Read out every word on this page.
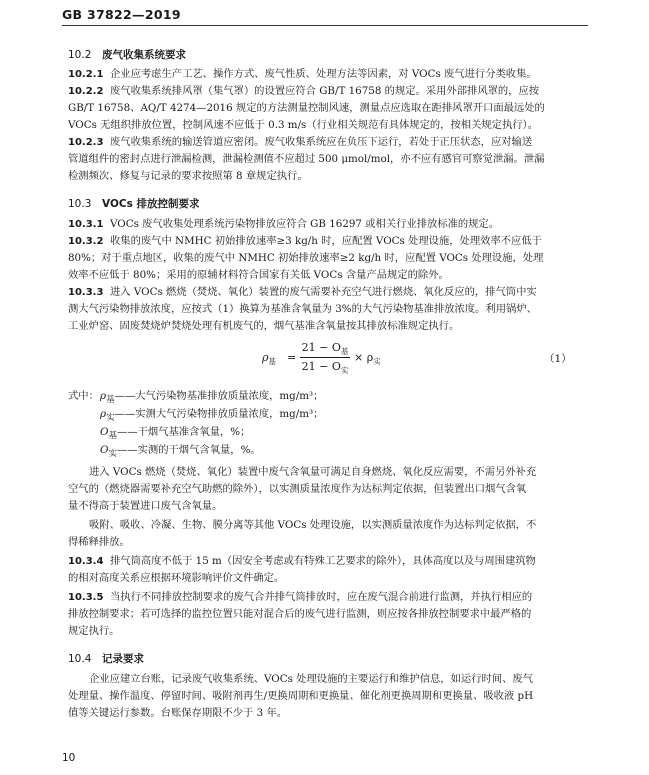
GB 37822—2019
10.2 废气收集系统要求
10.2.1 企业应考虑生产工艺、操作方式、废气性质、处理方法等因素，对 VOCs 废气进行分类收集。
10.2.2 废气收集系统排风罩（集气罩）的设置应符合 GB/T 16758 的规定。采用外部排风罩的，应按
GB/T 16758、AQ/T 4274—2016 规定的方法测量控制风速，测量点应选取在距排风罩开口面最远处的
VOCs 无组织排放位置，控制风速不应低于 0.3 m/s（行业相关规范有具体规定的，按相关规定执行）。
10.2.3 废气收集系统的输送管道应密闭。废气收集系统应在负压下运行，若处于正压状态，应对输送
管道组件的密封点进行泄漏检测，泄漏检测值不应超过 500 μmol/mol，亦不应有感官可察觉泄漏。泄漏
检测频次、修复与记录的要求按照第 8 章规定执行。
10.3 VOCs 排放控制要求
10.3.1 VOCs 废气收集处理系统污染物排放应符合 GB 16297 或相关行业排放标准的规定。
10.3.2 收集的废气中 NMHC 初始排放速率≥3 kg/h 时，应配置 VOCs 处理设施，处理效率不应低于
80%；对于重点地区，收集的废气中 NMHC 初始排放速率≥2 kg/h 时，应配置 VOCs 处理设施，处理
效率不应低于 80%；采用的原辅材料符合国家有关低 VOCs 含量产品规定的除外。
10.3.3 进入 VOCs 燃烧（焚烧、氧化）装置的废气需要补充空气进行燃烧、氧化反应的，排气筒中实
测大气污染物排放浓度，应按式（1）换算为基准含氧量为 3%的大气污染物基准排放浓度。利用锅炉、
工业炉窑、固废焚烧炉焚烧处理有机废气的，烟气基准含氧量按其排放标准规定执行。
$\rho_基$ =
$21 - O_基$
$21 - O_实$
× $\rho_实$	（1）
式中： $\rho_基——$大气污染物基准排放质量浓度，mg/m³；
$\rho_实——$实测大气污染物排放质量浓度，mg/m³；
$O_基——$干烟气基准含氧量，%；
$O_实——$实测的干烟气含氧量，%。
进入 VOCs 燃烧（焚烧、氧化）装置中废气含氧量可满足自身燃烧、氧化反应需要，不需另外补充
空气的（燃烧器需要补充空气助燃的除外），以实测质量浓度作为达标判定依据，但装置出口烟气含氧
量不得高于装置进口废气含氧量。
吸附、吸收、冷凝、生物、膜分离等其他 VOCs 处理设施，以实测质量浓度作为达标判定依据，不
得稀释排放。
10.3.4 排气筒高度不低于 15 m（因安全考虑或有特殊工艺要求的除外），具体高度以及与周围建筑物
的相对高度关系应根据环境影响评价文件确定。
10.3.5 当执行不同排放控制要求的废气合并排气筒排放时，应在废气混合前进行监测，并执行相应的
排放控制要求；若可选择的监控位置只能对混合后的废气进行监测，则应按各排放控制要求中最严格的
规定执行。
10.4 记录要求
企业应建立台账，记录废气收集系统、VOCs 处理设施的主要运行和维护信息，如运行时间、废气
处理量、操作温度、停留时间、吸附剂再生/更换周期和更换量、催化剂更换周期和更换量、吸收液 pH
值等关键运行参数。台账保存期限不少于 3 年。
10
